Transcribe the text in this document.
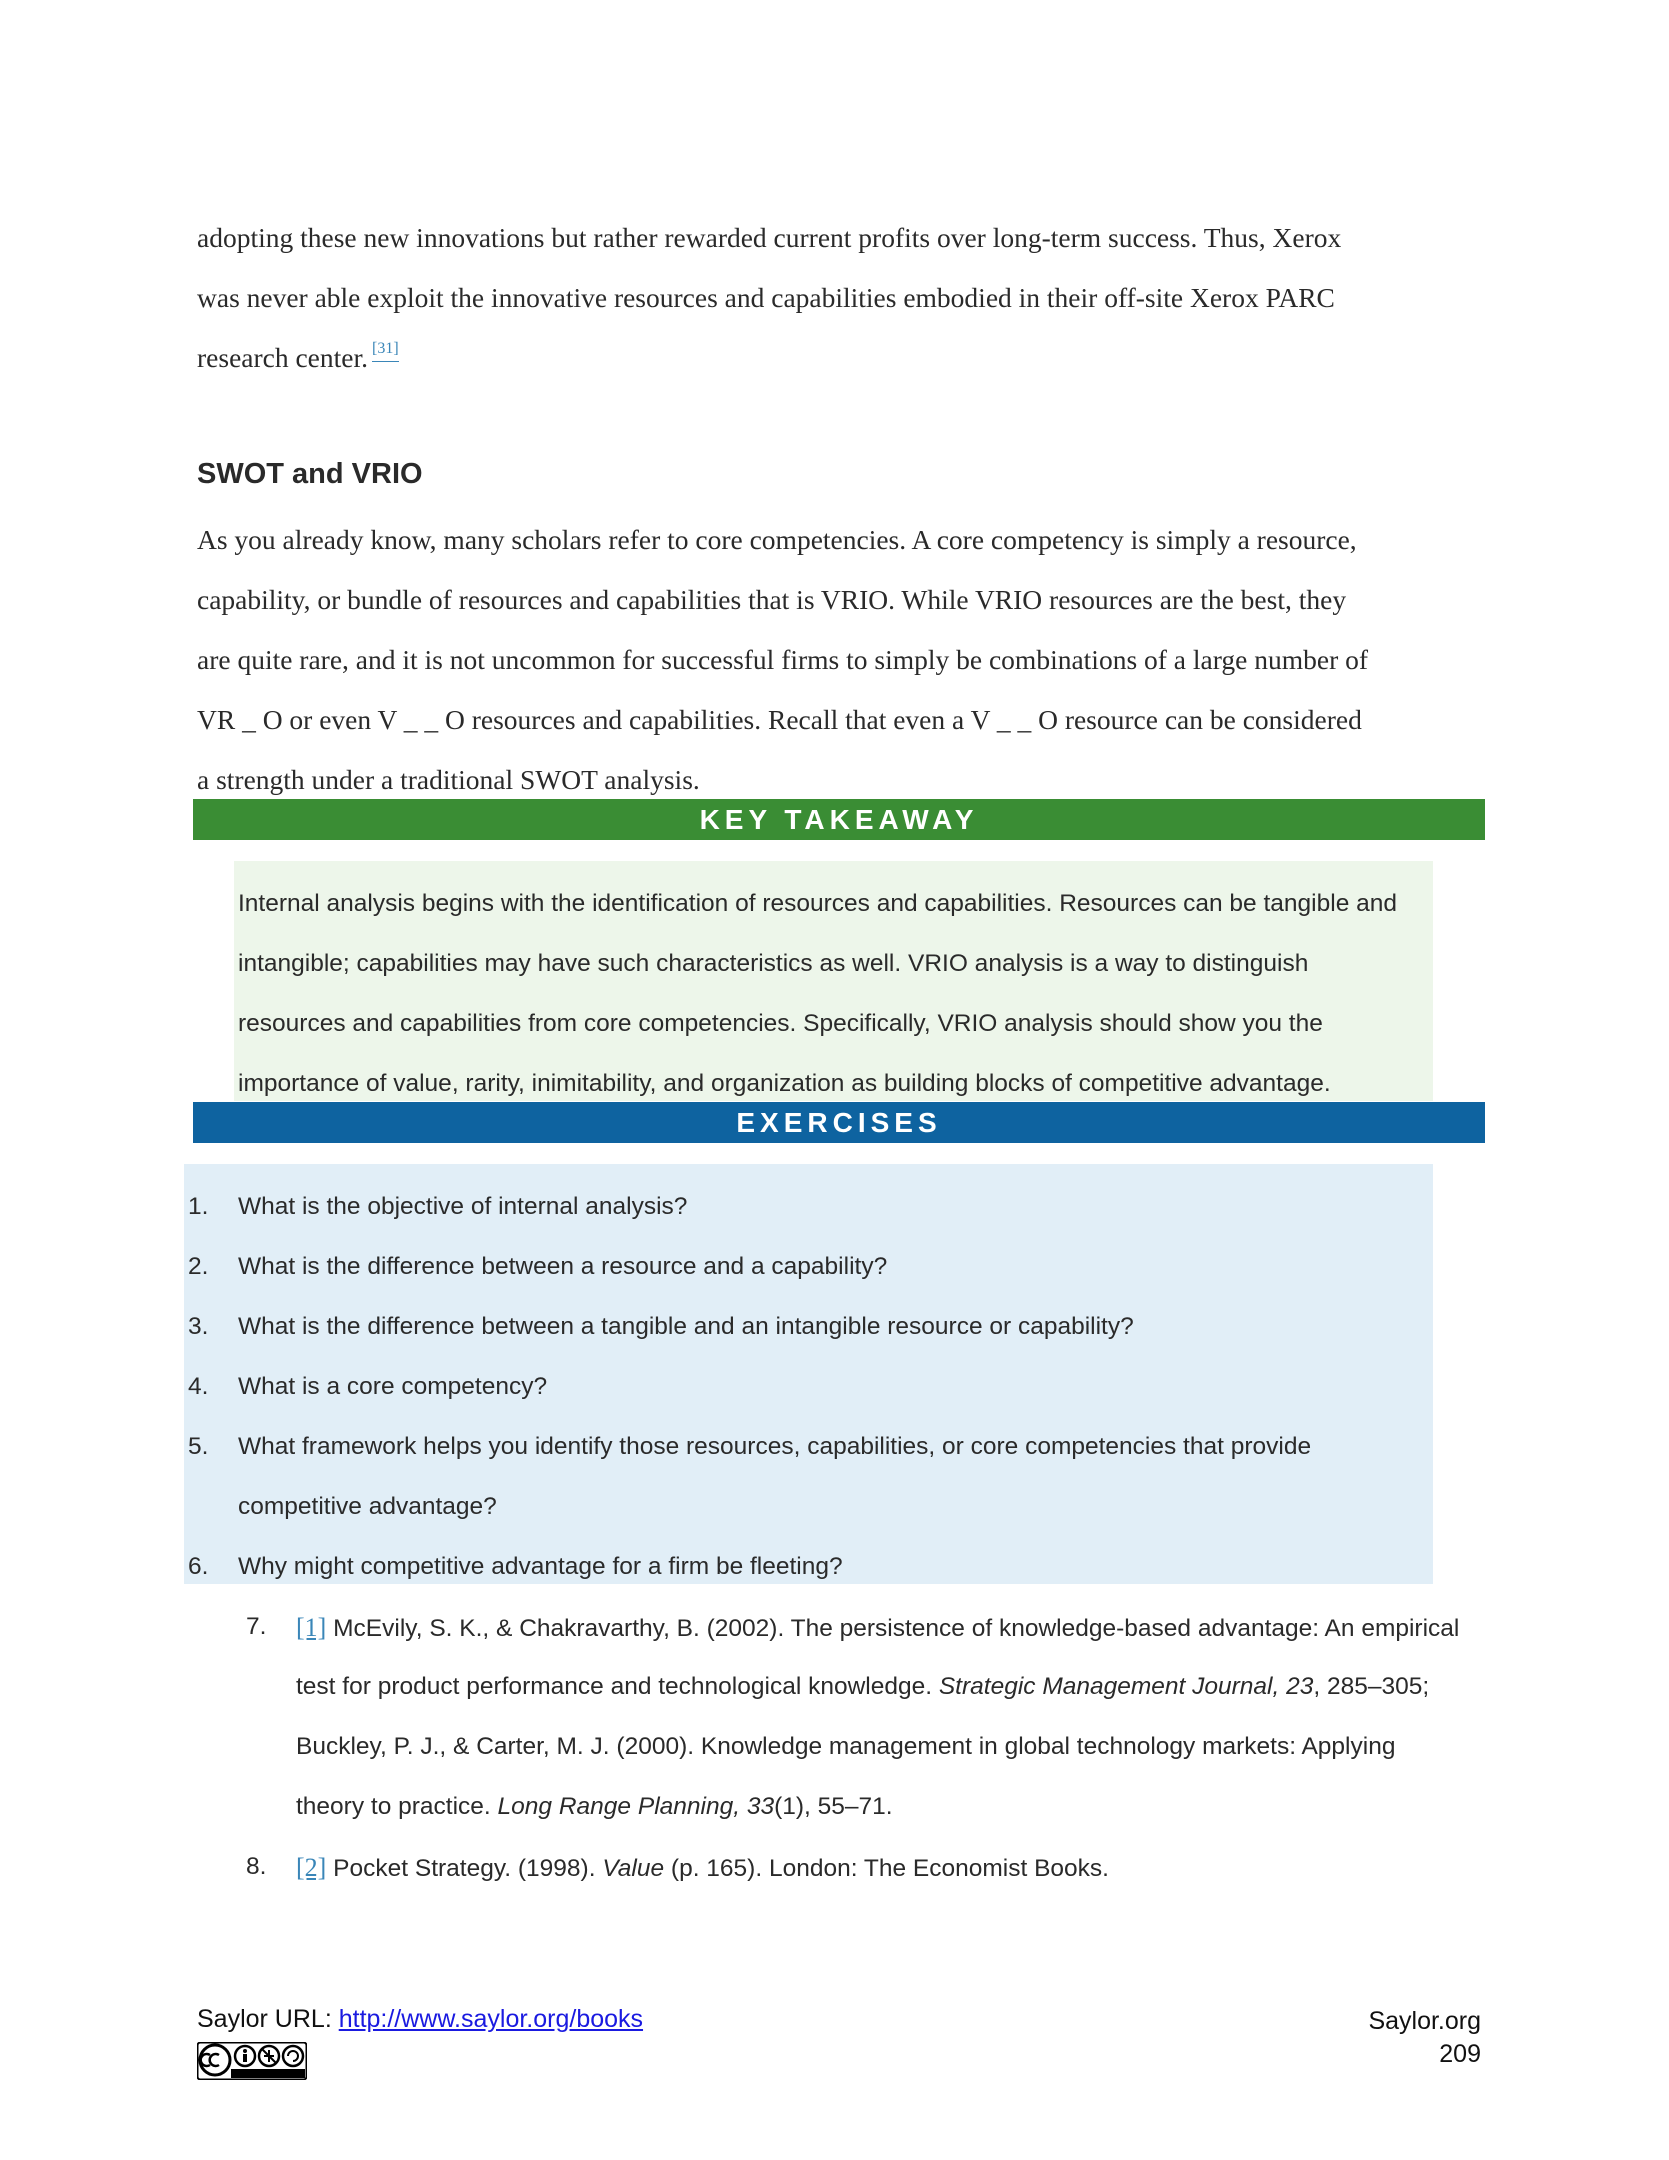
adopting these new innovations but rather rewarded current profits over long-term success. Thus, Xerox
was never able exploit the innovative resources and capabilities embodied in their off-site Xerox PARC
research center. [31]
SWOT and VRIO
As you already know, many scholars refer to core competencies. A core competency is simply a resource,
capability, or bundle of resources and capabilities that is VRIO. While VRIO resources are the best, they
are quite rare, and it is not uncommon for successful firms to simply be combinations of a large number of
VR _ O or even V _ _ O resources and capabilities. Recall that even a V _ _ O resource can be considered
a strength under a traditional SWOT analysis.
KEY TAKEAWAY
Internal analysis begins with the identification of resources and capabilities. Resources can be tangible and
intangible; capabilities may have such characteristics as well. VRIO analysis is a way to distinguish
resources and capabilities from core competencies. Specifically, VRIO analysis should show you the
importance of value, rarity, inimitability, and organization as building blocks of competitive advantage.
EXERCISES
1. What is the objective of internal analysis?
2. What is the difference between a resource and a capability?
3. What is the difference between a tangible and an intangible resource or capability?
4. What is a core competency?
5. What framework helps you identify those resources, capabilities, or core competencies that provide
competitive advantage?
6. Why might competitive advantage for a firm be fleeting?
7. [1] McEvily, S. K., & Chakravarthy, B. (2002). The persistence of knowledge-based advantage: An empirical
test for product performance and technological knowledge. Strategic Management Journal, 23, 285–305;
Buckley, P. J., & Carter, M. J. (2000). Knowledge management in global technology markets: Applying
theory to practice. Long Range Planning, 33(1), 55–71.
8. [2] Pocket Strategy. (1998). Value (p. 165). London: The Economist Books.
Saylor URL: http://www.saylor.org/books	Saylor.org
209
